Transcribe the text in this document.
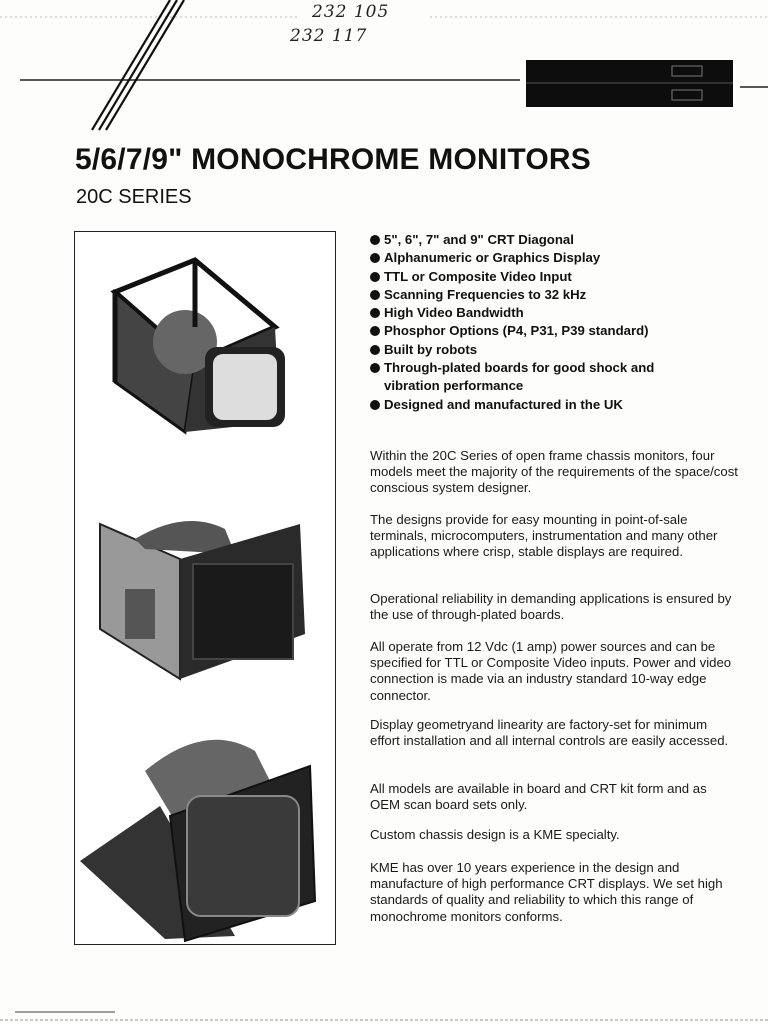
232 105
232 117
5/6/7/9" MONOCHROME MONITORS
20C SERIES
5", 6", 7" and 9" CRT Diagonal
Alphanumeric or Graphics Display
TTL or Composite Video Input
Scanning Frequencies to 32 kHz
High Video Bandwidth
Phosphor Options (P4, P31, P39 standard)
Built by robots
Through-plated boards for good shock and vibration performance
Designed and manufactured in the UK

Within the 20C Series of open frame chassis monitors, four models meet the majority of the requirements of the space/cost conscious system designer.

The designs provide for easy mounting in point-of-sale terminals, microcomputers, instrumentation and many other applications where crisp, stable displays are required.

Operational reliability in demanding applications is ensured by the use of through-plated boards.

All operate from 12 Vdc (1 amp) power sources and can be specified for TTL or Composite Video inputs. Power and video connection is made via an industry standard 10-way edge connector.

Display geometryand linearity are factory-set for minimum effort installation and all internal controls are easily accessed.

All models are available in board and CRT kit form and as OEM scan board sets only.

Custom chassis design is a KME specialty.

KME has over 10 years experience in the design and manufacture of high performance CRT displays. We set high standards of quality and reliability to which this range of monochrome monitors conforms.
